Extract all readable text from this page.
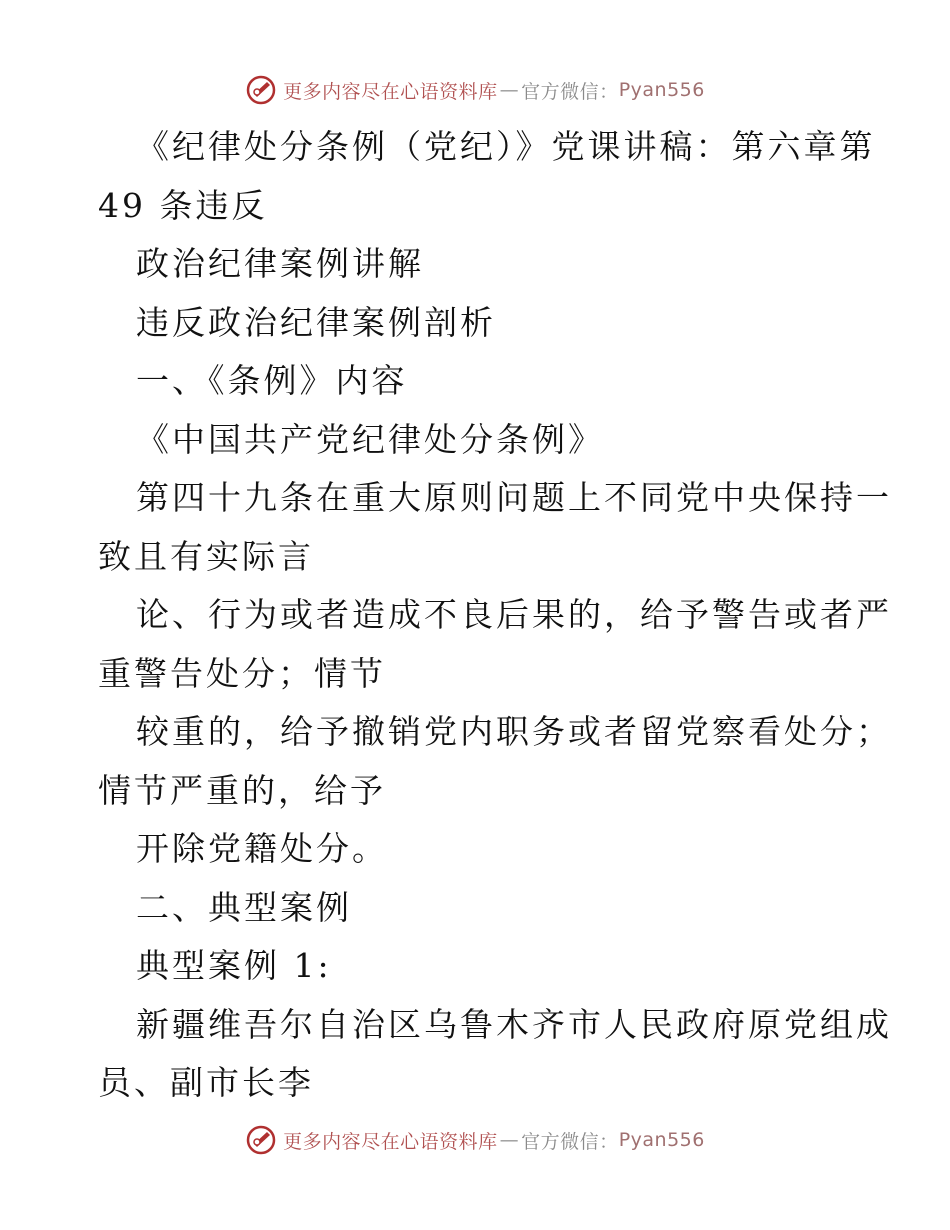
更多内容尽在心语资料库 — 官方微信： Pyan556
《纪律处分条例（党纪）》党课讲稿：第六章第
49 条违反
政治纪律案例讲解
违反政治纪律案例剖析
一、《条例》内容
《中国共产党纪律处分条例》
第四十九条在重大原则问题上不同党中央保持一
致且有实际言
论、行为或者造成不良后果的，给予警告或者严
重警告处分；情节
较重的，给予撤销党内职务或者留党察看处分；
情节严重的，给予
开除党籍处分。
二、典型案例
典型案例 1:
新疆维吾尔自治区乌鲁木齐市人民政府原党组成
员、副市长李
更多内容尽在心语资料库 — 官方微信： Pyan556
